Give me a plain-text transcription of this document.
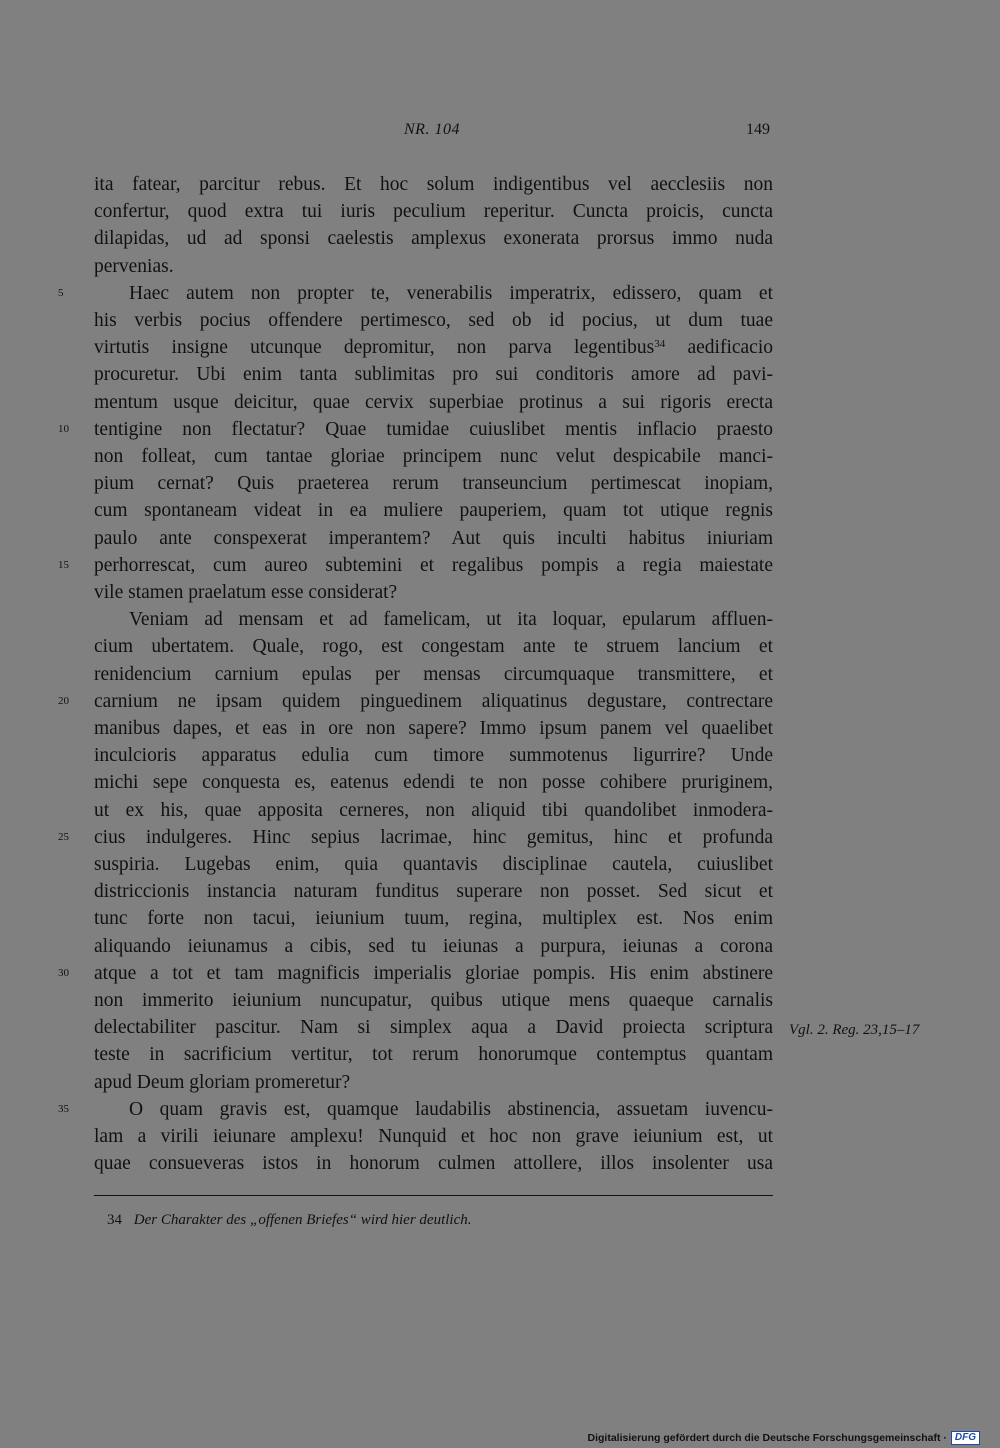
NR. 104	149
ita fatear, parcitur rebus. Et hoc solum indigentibus vel aecclesiis non
confertur, quod extra tui iuris peculium reperitur. Cuncta proicis, cuncta
dilapidas, ud ad sponsi caelestis amplexus exonerata prorsus immo nuda
pervenias.
Haec autem non propter te, venerabilis imperatrix, edissero, quam et
5
his verbis pocius offendere pertimesco, sed ob id pocius, ut dum tuae
virtutis insigne utcunque depromitur, non parva legentibus$^{34}$ aedificacio
procuretur. Ubi enim tanta sublimitas pro sui conditoris amore ad pavi-
mentum usque deicitur, quae cervix superbiae protinus a sui rigoris erecta
tentigine non flectatur? Quae tumidae cuiuslibet mentis inflacio praesto
10
non folleat, cum tantae gloriae principem nunc velut despicabile manci-
pium cernat? Quis praeterea rerum transeuncium pertimescat inopiam,
cum spontaneam videat in ea muliere pauperiem, quam tot utique regnis
paulo ante conspexerat imperantem? Aut quis inculti habitus iniuriam
perhorrescat, cum aureo subtemini et regalibus pompis a regia maiestate
15
vile stamen praelatum esse considerat?
Veniam ad mensam et ad famelicam, ut ita loquar, epularum affluen-
cium ubertatem. Quale, rogo, est congestam ante te struem lancium et
renidencium carnium epulas per mensas circumquaque transmittere, et
carnium ne ipsam quidem pinguedinem aliquatinus degustare, contrectare
20
manibus dapes, et eas in ore non sapere? Immo ipsum panem vel quaelibet
inculcioris apparatus edulia cum timore summotenus ligurrire? Unde
michi sepe conquesta es, eatenus edendi te non posse cohibere pruriginem,
ut ex his, quae apposita cerneres, non aliquid tibi quandolibet inmodera-
cius indulgeres. Hinc sepius lacrimae, hinc gemitus, hinc et profunda
25
suspiria. Lugebas enim, quia quantavis disciplinae cautela, cuiuslibet
districcionis instancia naturam funditus superare non posset. Sed sicut et
tunc forte non tacui, ieiunium tuum, regina, multiplex est. Nos enim
aliquando ieiunamus a cibis, sed tu ieiunas a purpura, ieiunas a corona
atque a tot et tam magnificis imperialis gloriae pompis. His enim abstinere
30
non immerito ieiunium nuncupatur, quibus utique mens quaeque carnalis
delectabiliter pascitur. Nam si simplex aqua a David proiecta scriptura
teste in sacrificium vertitur, tot rerum honorumque contemptus quantam
apud Deum gloriam promeretur?
O quam gravis est, quamque laudabilis abstinencia, assuetam iuvencu-
35
lam a virili ieiunare amplexu! Nunquid et hoc non grave ieiunium est, ut
quae consueveras istos in honorum culmen attollere, illos insolenter usa
Vgl. 2. Reg. 23,15–17
34 Der Charakter des „offenen Briefes“ wird hier deutlich.
Digitalisierung gefördert durch die Deutsche Forschungsgemeinschaft · DFG
